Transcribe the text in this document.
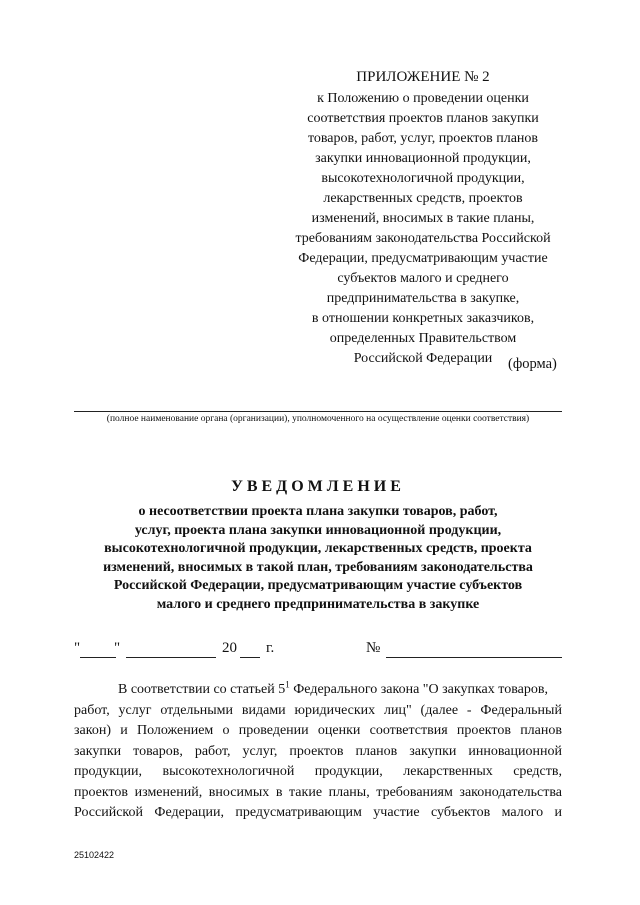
ПРИЛОЖЕНИЕ № 2
к Положению о проведении оценки
соответствия проектов планов закупки
товаров, работ, услуг, проектов планов
закупки инновационной продукции,
высокотехнологичной продукции,
лекарственных средств, проектов
изменений, вносимых в такие планы,
требованиям законодательства Российской
Федерации, предусматривающим участие
субъектов малого и среднего
предпринимательства в закупке,
в отношении конкретных заказчиков,
определенных Правительством
Российской Федерации	(форма)
(полное наименование органа (организации), уполномоченного на осуществление оценки соответствия)
УВЕДОМЛЕНИЕ
о несоответствии проекта плана закупки товаров, работ,
услуг, проекта плана закупки инновационной продукции,
высокотехнологичной продукции, лекарственных средств, проекта
изменений, вносимых в такой план, требованиям законодательства
Российской Федерации, предусматривающим участие субъектов
малого и среднего предпринимательства в закупке
" "	20 г.	№
В соответствии со статьей $5^1$ Федерального закона "О закупках товаров,
работ, услуг отдельными видами юридических лиц" (далее - Федеральный
закон) и Положением о проведении оценки соответствия проектов планов
закупки товаров, работ, услуг, проектов планов закупки инновационной
продукции, высокотехнологичной продукции, лекарственных средств,
проектов изменений, вносимых в такие планы, требованиям законодательства
Российской Федерации, предусматривающим участие субъектов малого и
25102422
